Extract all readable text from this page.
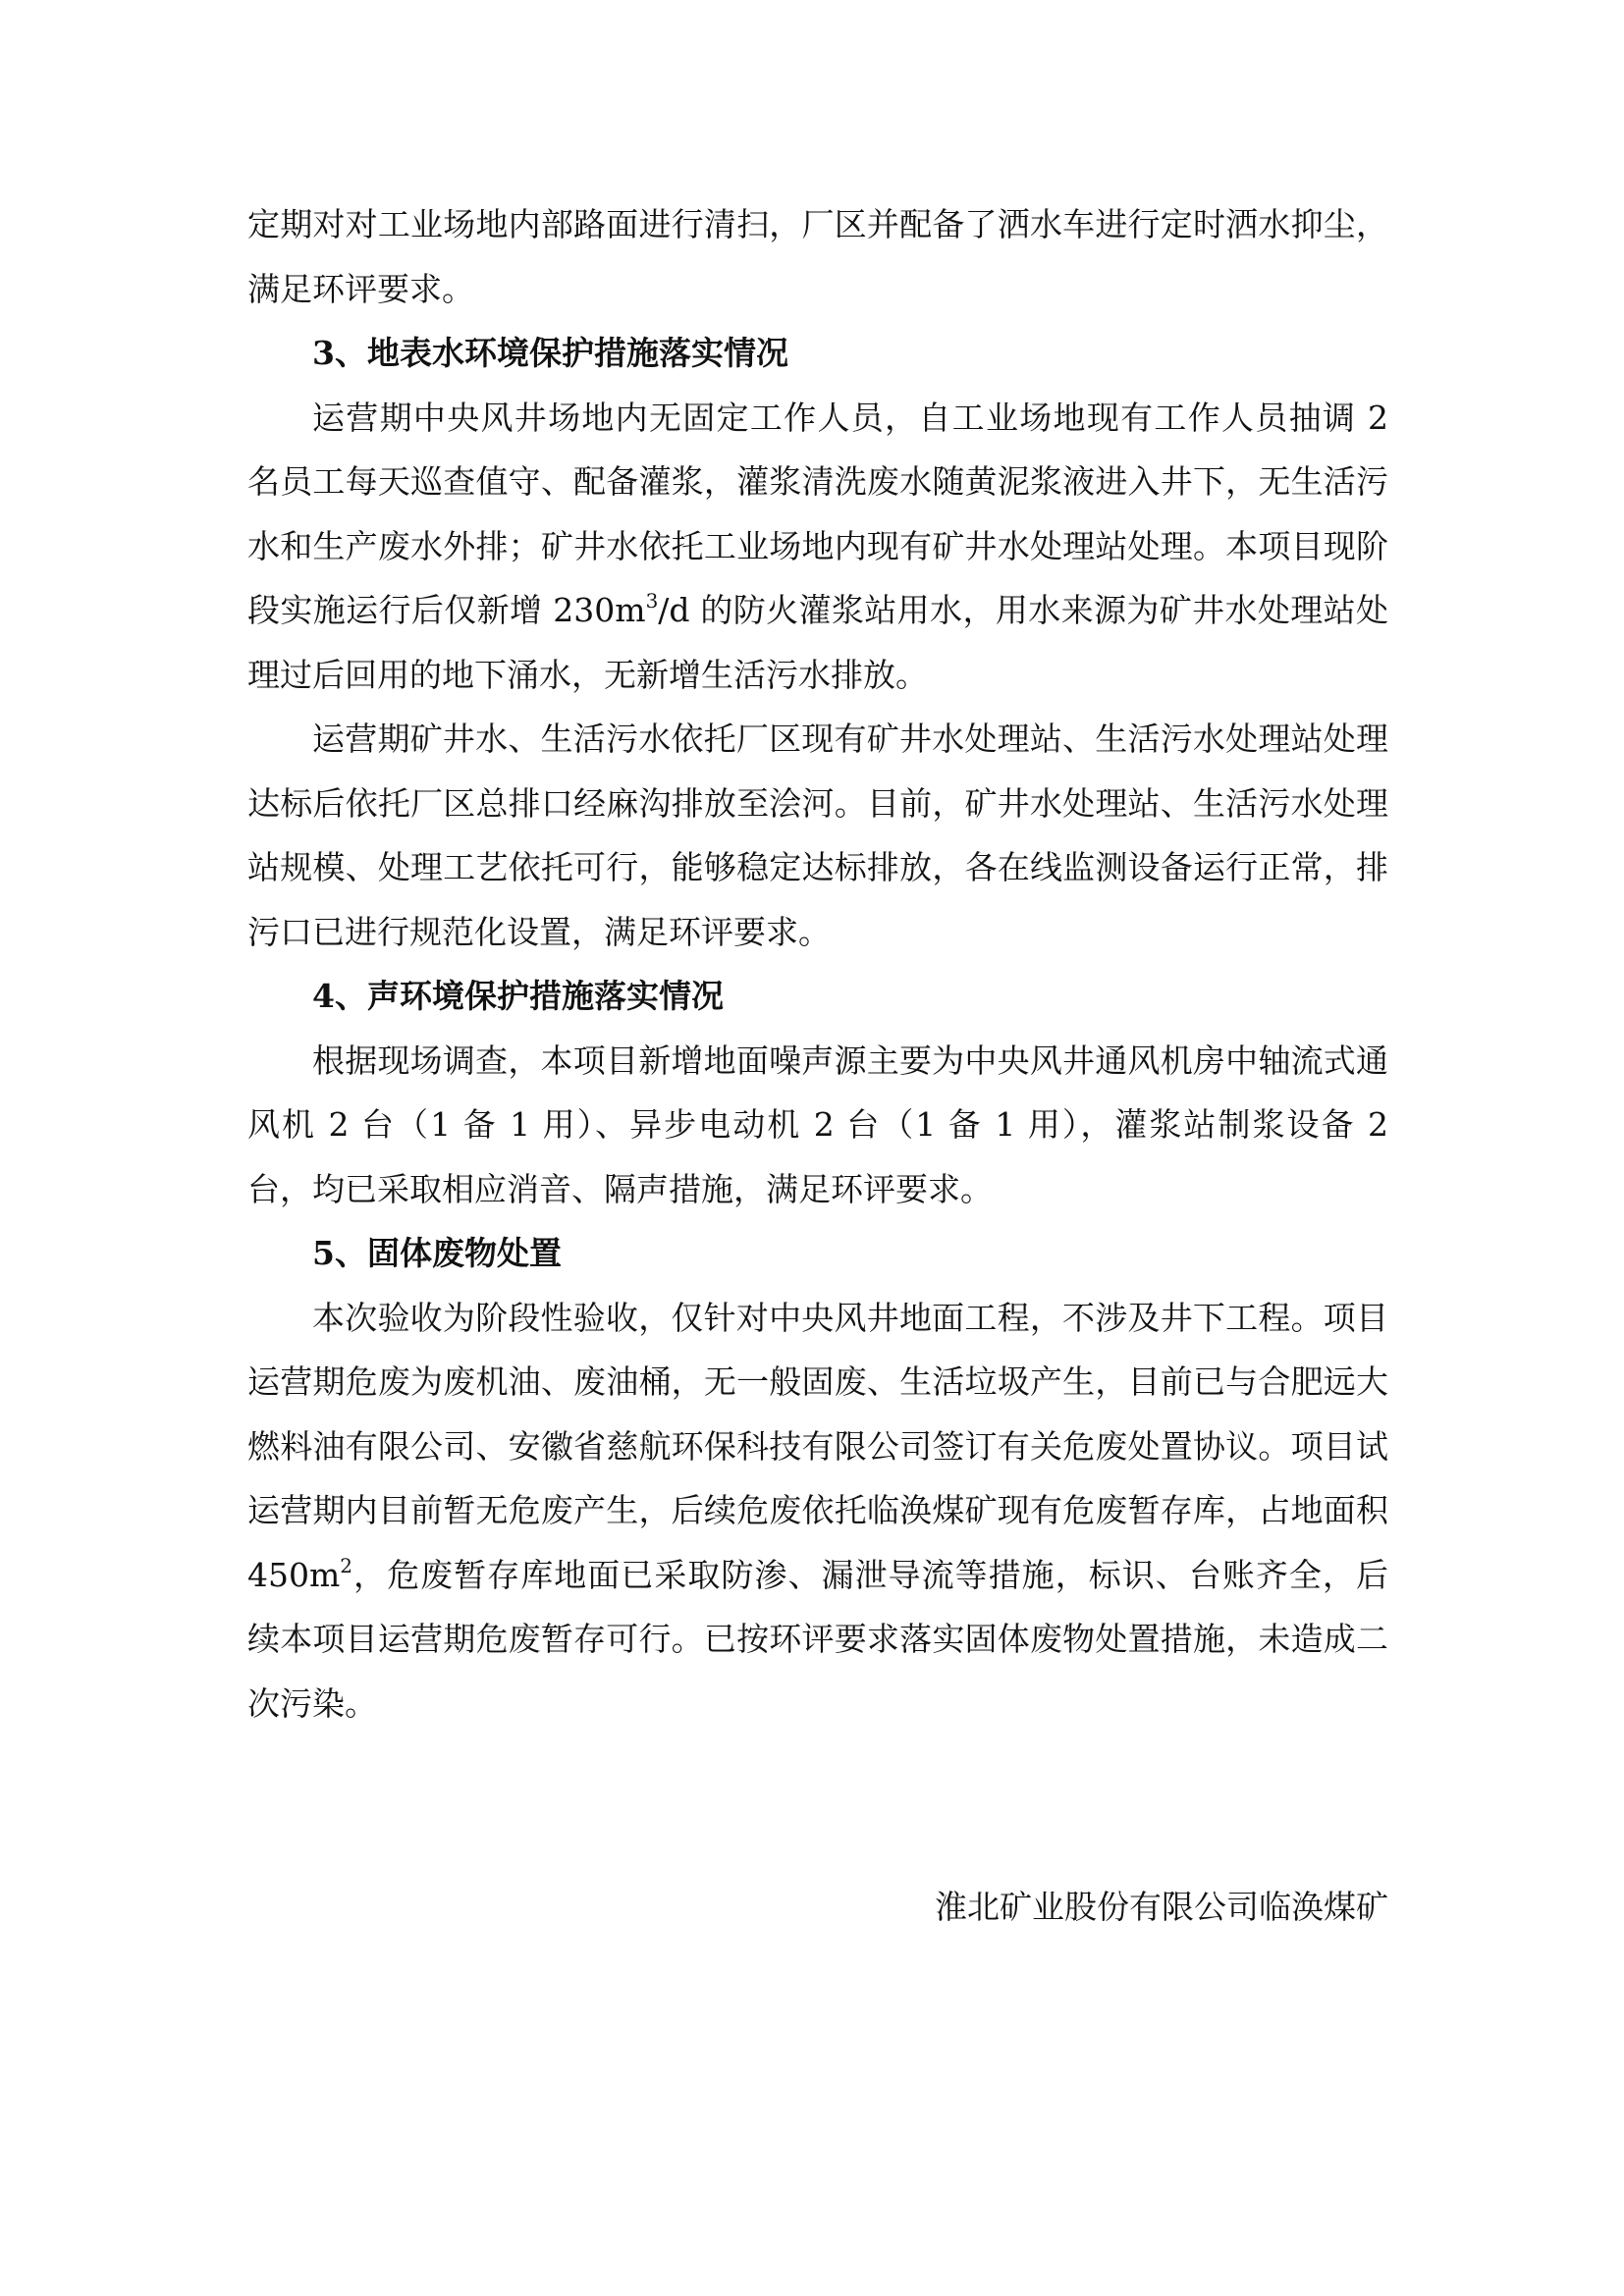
定期对对工业场地内部路面进行清扫，厂区并配备了洒水车进行定时洒水抑尘，满足环评要求。

3、地表水环境保护措施落实情况

运营期中央风井场地内无固定工作人员，自工业场地现有工作人员抽调 2 名员工每天巡查值守、配备灌浆，灌浆清洗废水随黄泥浆液进入井下，无生活污水和生产废水外排；矿井水依托工业场地内现有矿井水处理站处理。本项目现阶段实施运行后仅新增 $230m^3/d$ 的防火灌浆站用水，用水来源为矿井水处理站处理过后回用的地下涌水，无新增生活污水排放。

运营期矿井水、生活污水依托厂区现有矿井水处理站、生活污水处理站处理达标后依托厂区总排口经麻沟排放至浍河。目前，矿井水处理站、生活污水处理站规模、处理工艺依托可行，能够稳定达标排放，各在线监测设备运行正常，排污口已进行规范化设置，满足环评要求。

4、声环境保护措施落实情况

根据现场调查，本项目新增地面噪声源主要为中央风井通风机房中轴流式通风机 2 台（1 备 1 用）、异步电动机 2 台（1 备 1 用），灌浆站制浆设备 2 台，均已采取相应消音、隔声措施，满足环评要求。

5、固体废物处置

本次验收为阶段性验收，仅针对中央风井地面工程，不涉及井下工程。项目运营期危废为废机油、废油桶，无一般固废、生活垃圾产生，目前已与合肥远大燃料油有限公司、安徽省慈航环保科技有限公司签订有关危废处置协议。项目试运营期内目前暂无危废产生，后续危废依托临涣煤矿现有危废暂存库，占地面积 $450m^2$，危废暂存库地面已采取防渗、漏泄导流等措施，标识、台账齐全，后续本项目运营期危废暂存可行。已按环评要求落实固体废物处置措施，未造成二次污染。

淮北矿业股份有限公司临涣煤矿
